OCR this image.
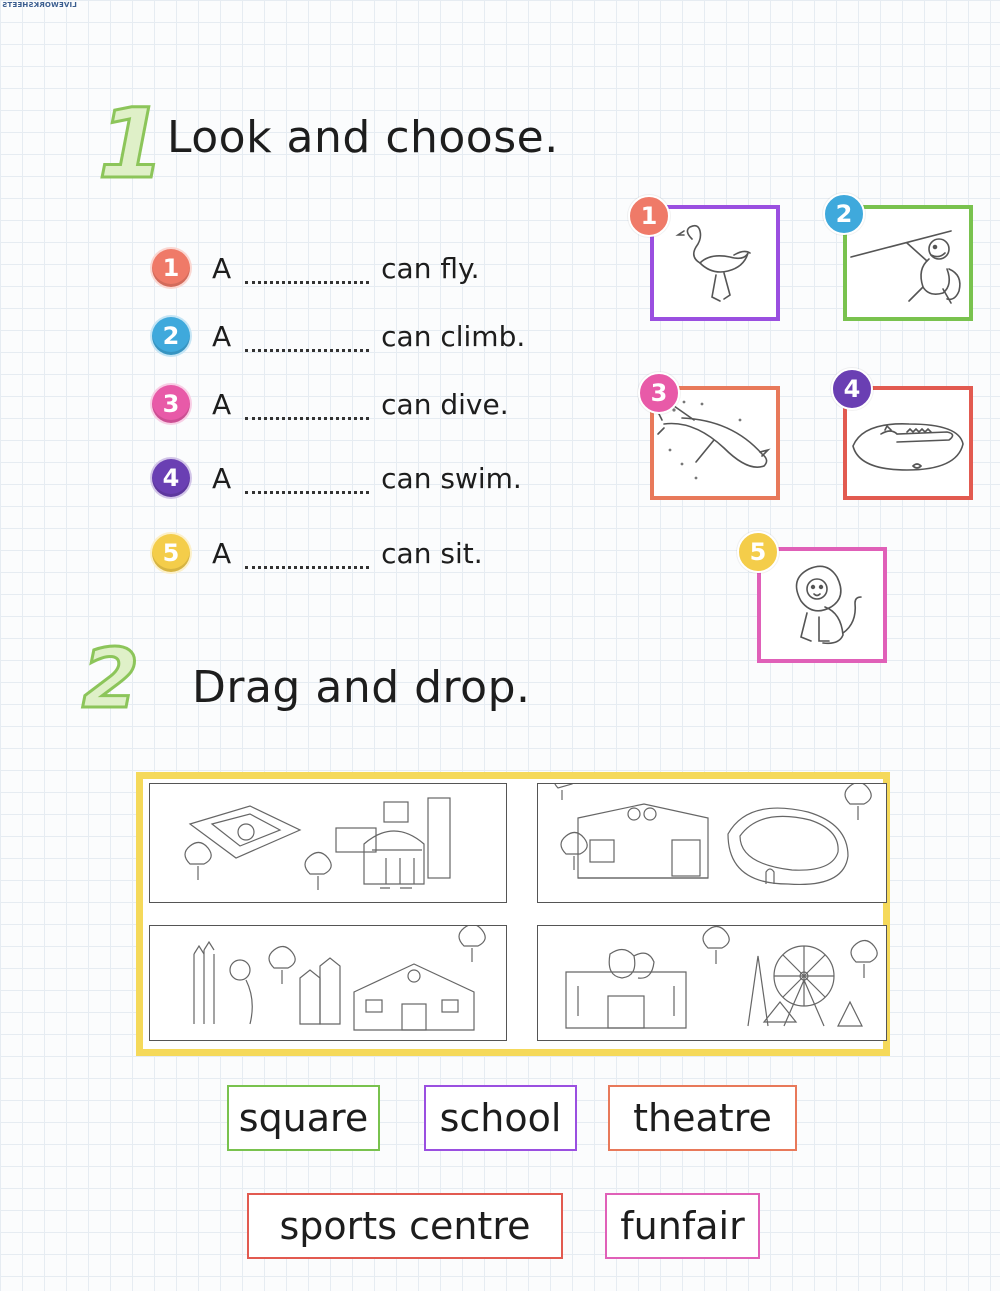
LIVEWORKSHEETS
1 Look and choose.
1	A	can fly.
2	A	can climb.
3	A	can dive.
4	A	can swim.
5	A	can sit.
1	2
3	4
5
2 Drag and drop.
square	school	theatre
sports centre	funfair
